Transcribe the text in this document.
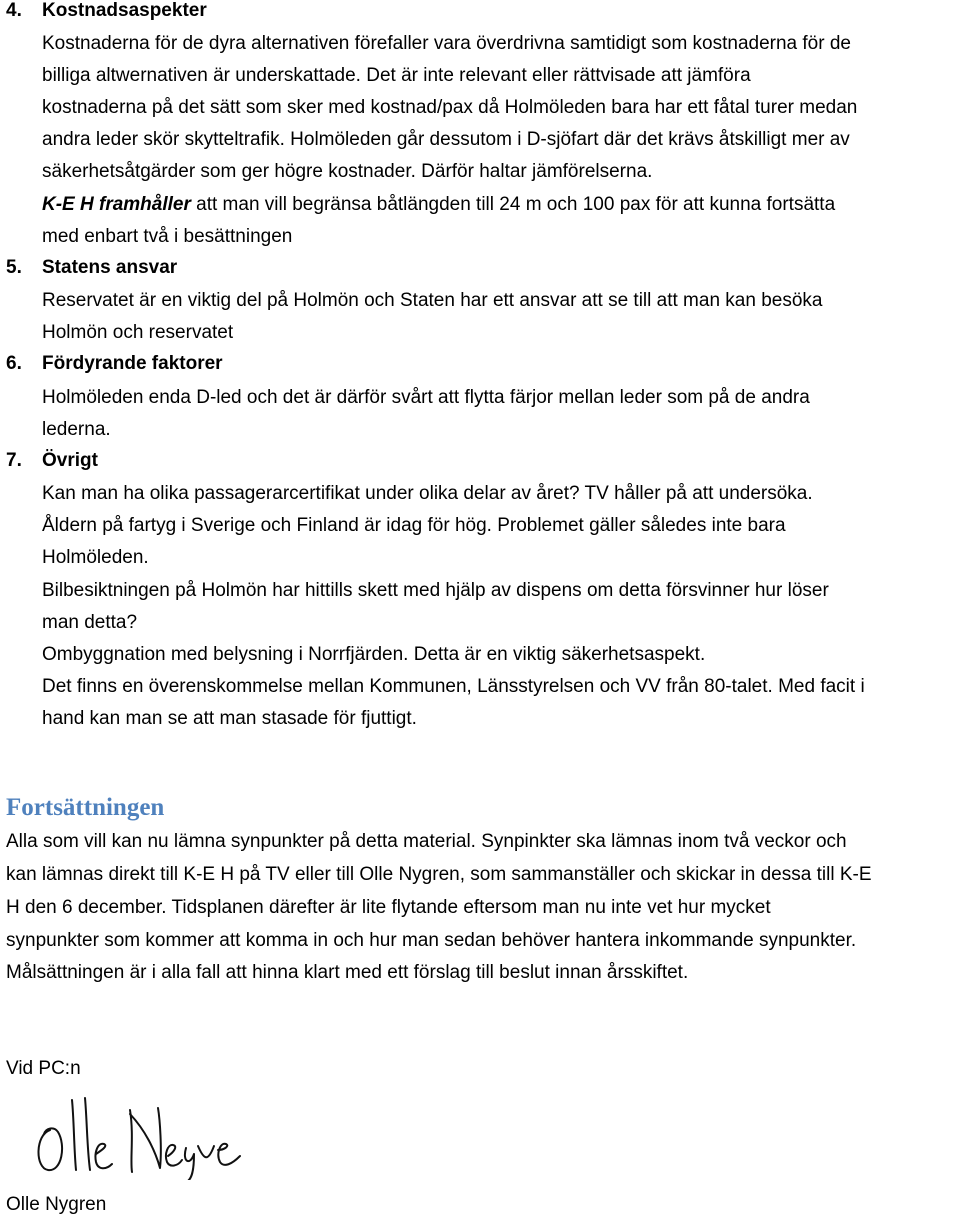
4. Kostnadsaspekter
Kostnaderna för de dyra alternativen förefaller vara överdrivna samtidigt som kostnaderna för de
billiga altwernativen är underskattade. Det är inte relevant eller rättvisade att jämföra
kostnaderna på det sätt som sker med kostnad/pax då Holmöleden bara har ett fåtal turer medan
andra leder skör skytteltrafik. Holmöleden går dessutom i D-sjöfart där det krävs åtskilligt mer av
säkerhetsåtgärder som ger högre kostnader. Därför haltar jämförelserna.
K-E H framhåller att man vill begränsa båtlängden till 24 m och 100 pax för att kunna fortsätta
med enbart två i besättningen
5. Statens ansvar
Reservatet är en viktig del på Holmön och Staten har ett ansvar att se till att man kan besöka
Holmön och reservatet
6. Fördyrande faktorer
Holmöleden enda D-led och det är därför svårt att flytta färjor mellan leder som på de andra
lederna.
7. Övrigt
Kan man ha olika passagerarcertifikat under olika delar av året? TV håller på att undersöka.
Åldern på fartyg i Sverige och Finland är idag för hög. Problemet gäller således inte bara
Holmöleden.
Bilbesiktningen på Holmön har hittills skett med hjälp av dispens om detta försvinner hur löser
man detta?
Ombyggnation med belysning i Norrfjärden. Detta är en viktig säkerhetsaspekt.
Det finns en överenskommelse mellan Kommunen, Länsstyrelsen och VV från 80-talet. Med facit i
hand kan man se att man stasade för fjuttigt.
Fortsättningen
Alla som vill kan nu lämna synpunkter på detta material. Synpinkter ska lämnas inom två veckor och
kan lämnas direkt till K-E H på TV eller till Olle Nygren, som sammanställer och skickar in dessa till K-E
H den 6 december. Tidsplanen därefter är lite flytande eftersom man nu inte vet hur mycket
synpunkter som kommer att komma in och hur man sedan behöver hantera inkommande synpunkter.
Målsättningen är i alla fall att hinna klart med ett förslag till beslut innan årsskiftet.
Vid PC:n
Olle Nygren
